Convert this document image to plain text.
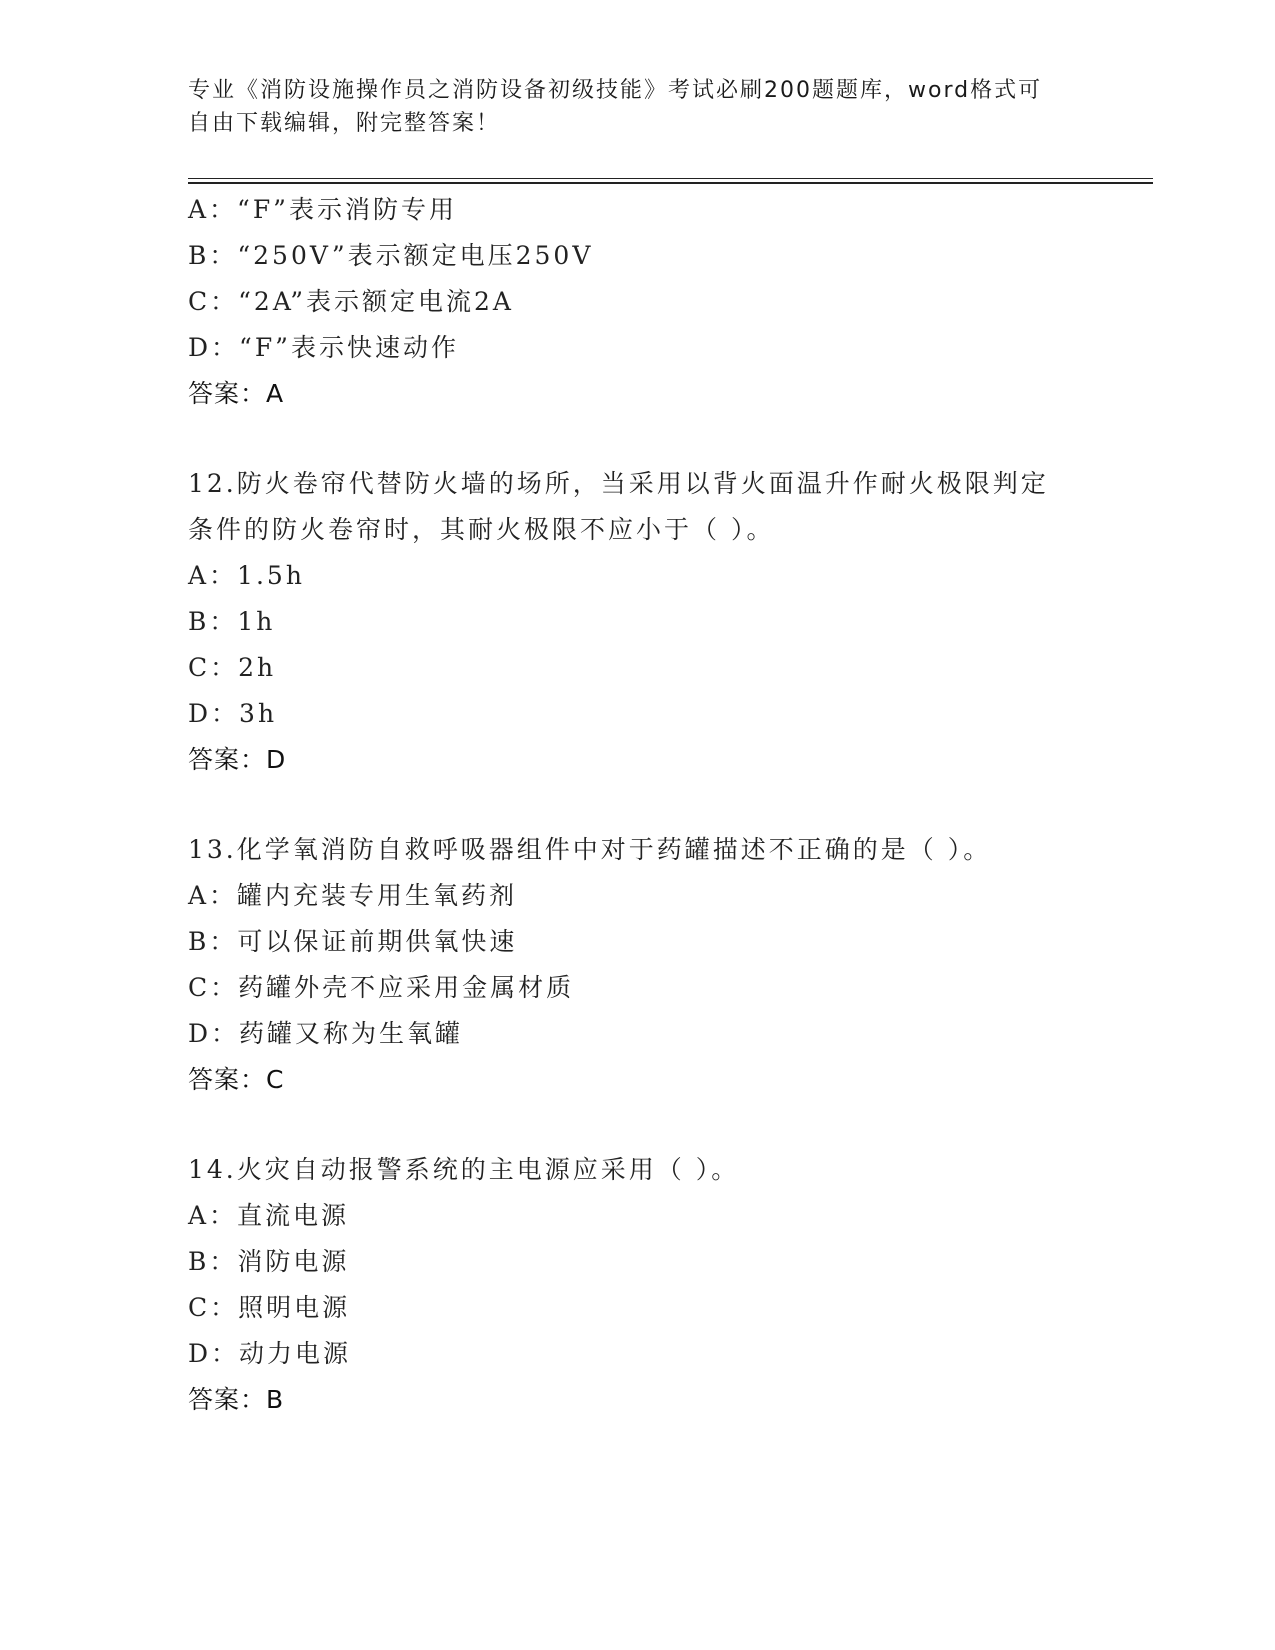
专业《消防设施操作员之消防设备初级技能》考试必刷200题题库，word格式可
自由下载编辑，附完整答案！
A：“F”表示消防专用
B：“250V”表示额定电压250V
C：“2A”表示额定电流2A
D：“F”表示快速动作
答案：A
12.防火卷帘代替防火墙的场所，当采用以背火面温升作耐火极限判定
条件的防火卷帘时，其耐火极限不应小于（ ）。
A：1.5h
B：1h
C：2h
D：3h
答案：D
13.化学氧消防自救呼吸器组件中对于药罐描述不正确的是（ ）。
A：罐内充装专用生氧药剂
B：可以保证前期供氧快速
C：药罐外壳不应采用金属材质
D：药罐又称为生氧罐
答案：C
14.火灾自动报警系统的主电源应采用（ ）。
A：直流电源
B：消防电源
C：照明电源
D：动力电源
答案：B
